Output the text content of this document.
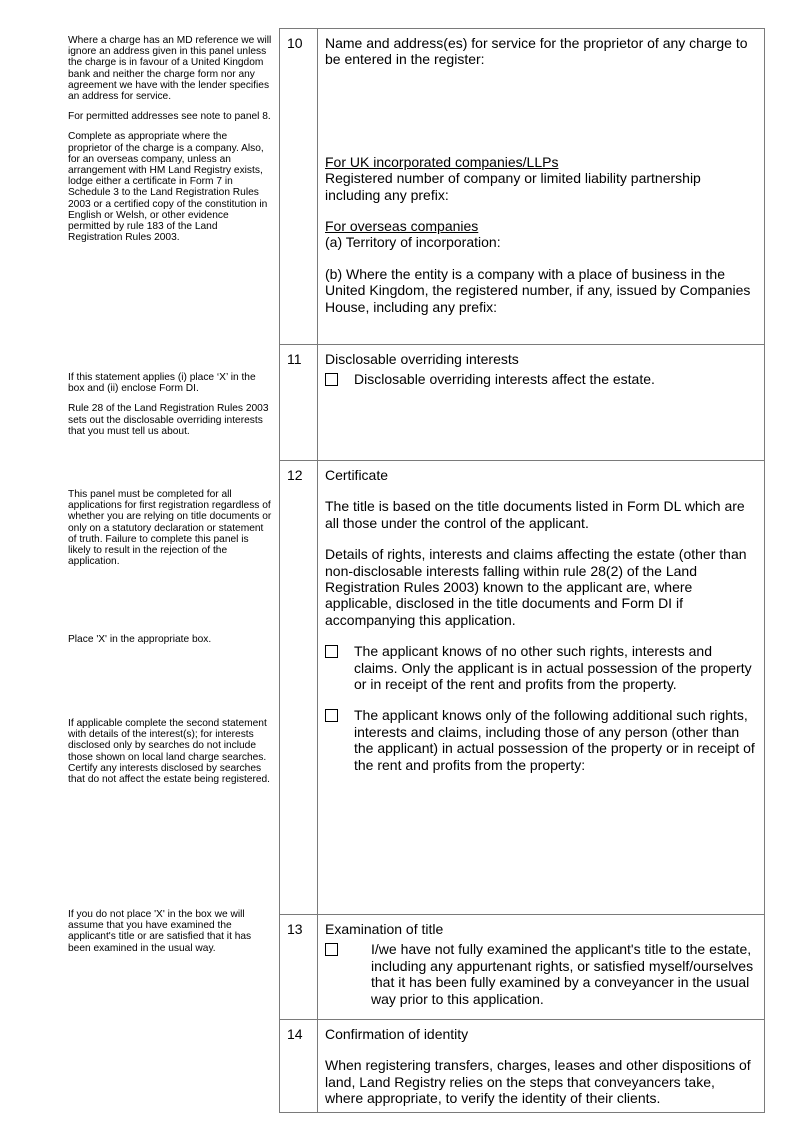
Where a charge has an MD reference we will ignore an address given in this panel unless the charge is in favour of a United Kingdom bank and neither the charge form nor any agreement we have with the lender specifies an address for service.

For permitted addresses see note to panel 8.

Complete as appropriate where the proprietor of the charge is a company. Also, for an overseas company, unless an arrangement with HM Land Registry exists, lodge either a certificate in Form 7 in Schedule 3 to the Land Registration Rules 2003 or a certified copy of the constitution in English or Welsh, or other evidence permitted by rule 183 of the Land Registration Rules 2003.

If this statement applies (i) place ‘X’ in the box and (ii) enclose Form DI.

Rule 28 of the Land Registration Rules 2003 sets out the disclosable overriding interests that you must tell us about.

This panel must be completed for all applications for first registration regardless of whether you are relying on title documents or only on a statutory declaration or statement of truth. Failure to complete this panel is likely to result in the rejection of the application.

Place 'X' in the appropriate box.

If applicable complete the second statement with details of the interest(s); for interests disclosed only by searches do not include those shown on local land charge searches. Certify any interests disclosed by searches that do not affect the estate being registered.

If you do not place 'X' in the box we will assume that you have examined the applicant's title or are satisfied that it has been examined in the usual way.

10	Name and address(es) for service for the proprietor of any charge to be entered in the register:

For UK incorporated companies/LLPs

Registered number of company or limited liability partnership including any prefix:

For overseas companies

(a) Territory of incorporation:

(b) Where the entity is a company with a place of business in the United Kingdom, the registered number, if any, issued by Companies House, including any prefix:

11	Disclosable overriding interests

Disclosable overriding interests affect the estate.
12	Certificate

The title is based on the title documents listed in Form DL which are all those under the control of the applicant.

Details of rights, interests and claims affecting the estate (other than non-disclosable interests falling within rule 28(2) of the Land Registration Rules 2003) known to the applicant are, where applicable, disclosed in the title documents and Form DI if accompanying this application.

The applicant knows of no other such rights, interests and claims. Only the applicant is in actual possession of the property or in receipt of the rent and profits from the property.
The applicant knows only of the following additional such rights, interests and claims, including those of any person (other than the applicant) in actual possession of the property or in receipt of the rent and profits from the property:
13	Examination of title

I/we have not fully examined the applicant's title to the estate, including any appurtenant rights, or satisfied myself/ourselves that it has been fully examined by a conveyancer in the usual way prior to this application.
14	Confirmation of identity

When registering transfers, charges, leases and other dispositions of land, Land Registry relies on the steps that conveyancers take, where appropriate, to verify the identity of their clients.
